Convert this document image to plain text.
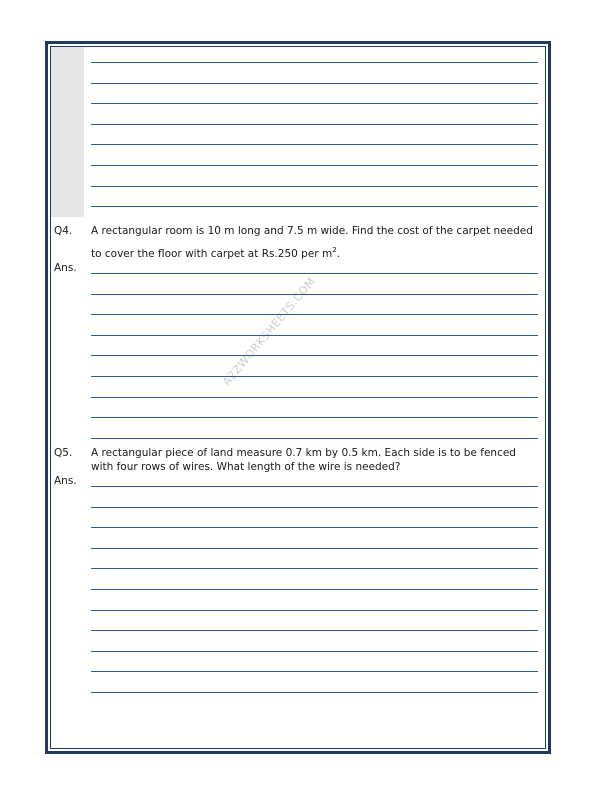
A2ZWORKSHEETS.COM
Q4. A rectangular room is 10 m long and 7.5 m wide. Find the cost of the carpet needed
to cover the floor with carpet at Rs.250 per $m^2$.
Ans.
Q5. A rectangular piece of land measure 0.7 km by 0.5 km. Each side is to be fenced
with four rows of wires. What length of the wire is needed?
Ans.
